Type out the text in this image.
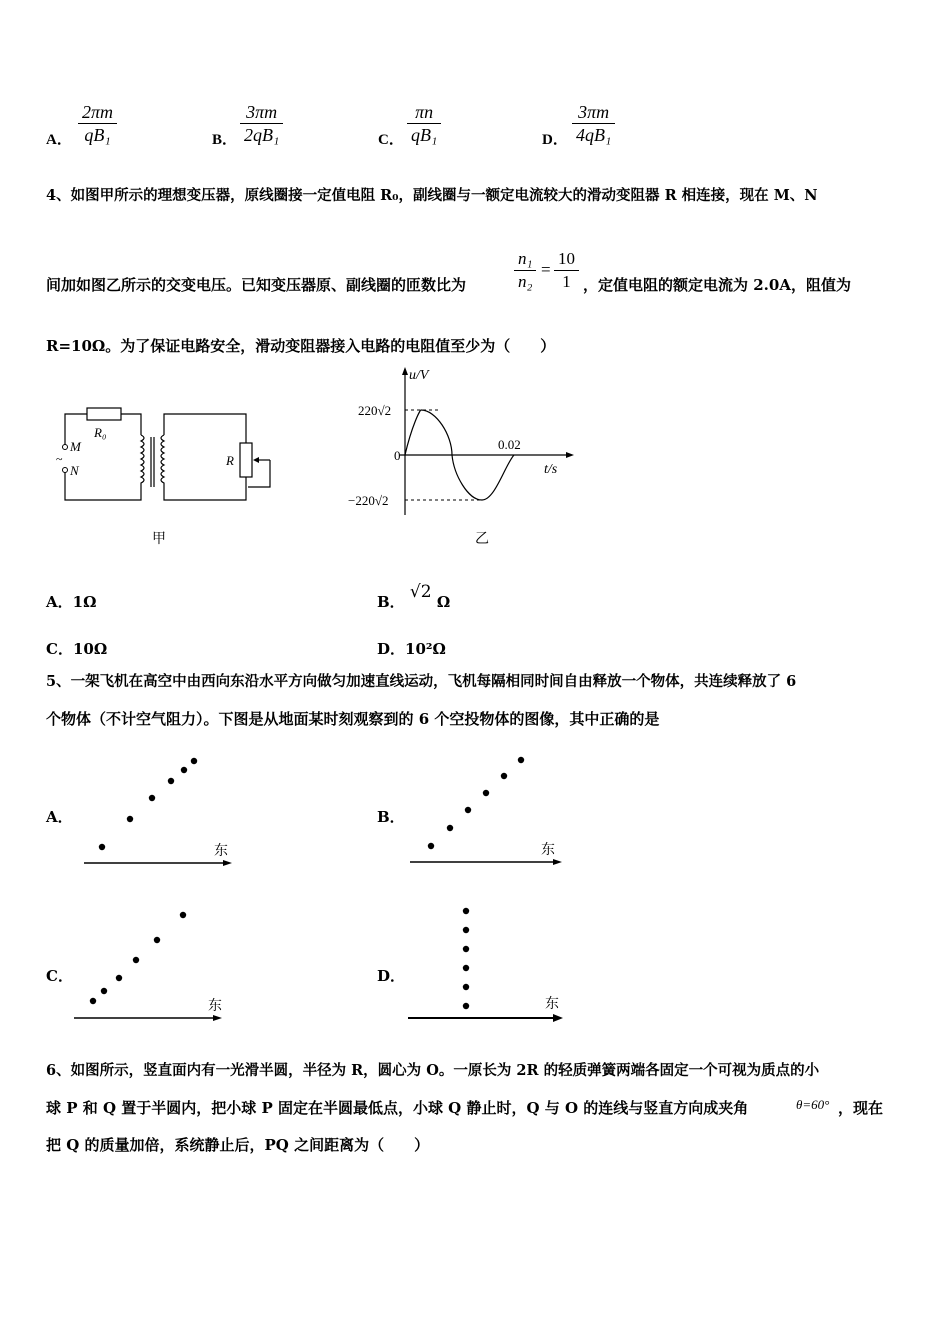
A． $\frac{2\pi m}{\text{qB₁}}$	B． $\frac{3\pi m}{\text{2qB₁}}$	C． $\frac{\pi n}{\text{qB₁}}$	D． $\frac{3\pi m}{\text{4qB₁}}$
4、如图甲所示的理想变压器，原线圈接一定值电阻 R₀，副线圈与一额定电流较大的滑动变阻器 R 相连接，现在 M、N
间加如图乙所示的交变电压。已知变压器原、副线圈的匝数比为	$\frac{\text{n₁}}{\text{n₂}} = \frac{10}{1}$ ，定值电阻的额定电流为 2.0A，阻值为
R=10Ω。为了保证电路安全，滑动变阻器接入电路的电阻值至少为（　　）
R₀
M
N
~	R
甲
u/V
220√2
0
−220√2
0.02
t/s
乙
A．1Ω	B． √2 Ω
C．10Ω	D．10²Ω
5、一架飞机在高空中由西向东沿水平方向做匀加速直线运动，飞机每隔相同时间自由释放一个物体，共连续释放了 6
个物体（不计空气阻力）。下图是从地面某时刻观察到的 6 个空投物体的图像，其中正确的是
A．
东
B．
东
C．
东
D．
东
6、如图所示，竖直面内有一光滑半圆，半径为 R，圆心为 O。一原长为 2R 的轻质弹簧两端各固定一个可视为质点的小
球 P 和 Q 置于半圆内，把小球 P 固定在半圆最低点，小球 Q 静止时，Q 与 O 的连线与竖直方向成夹角	θ=60° ，现在
把 Q 的质量加倍，系统静止后，PQ 之间距离为（　　）
